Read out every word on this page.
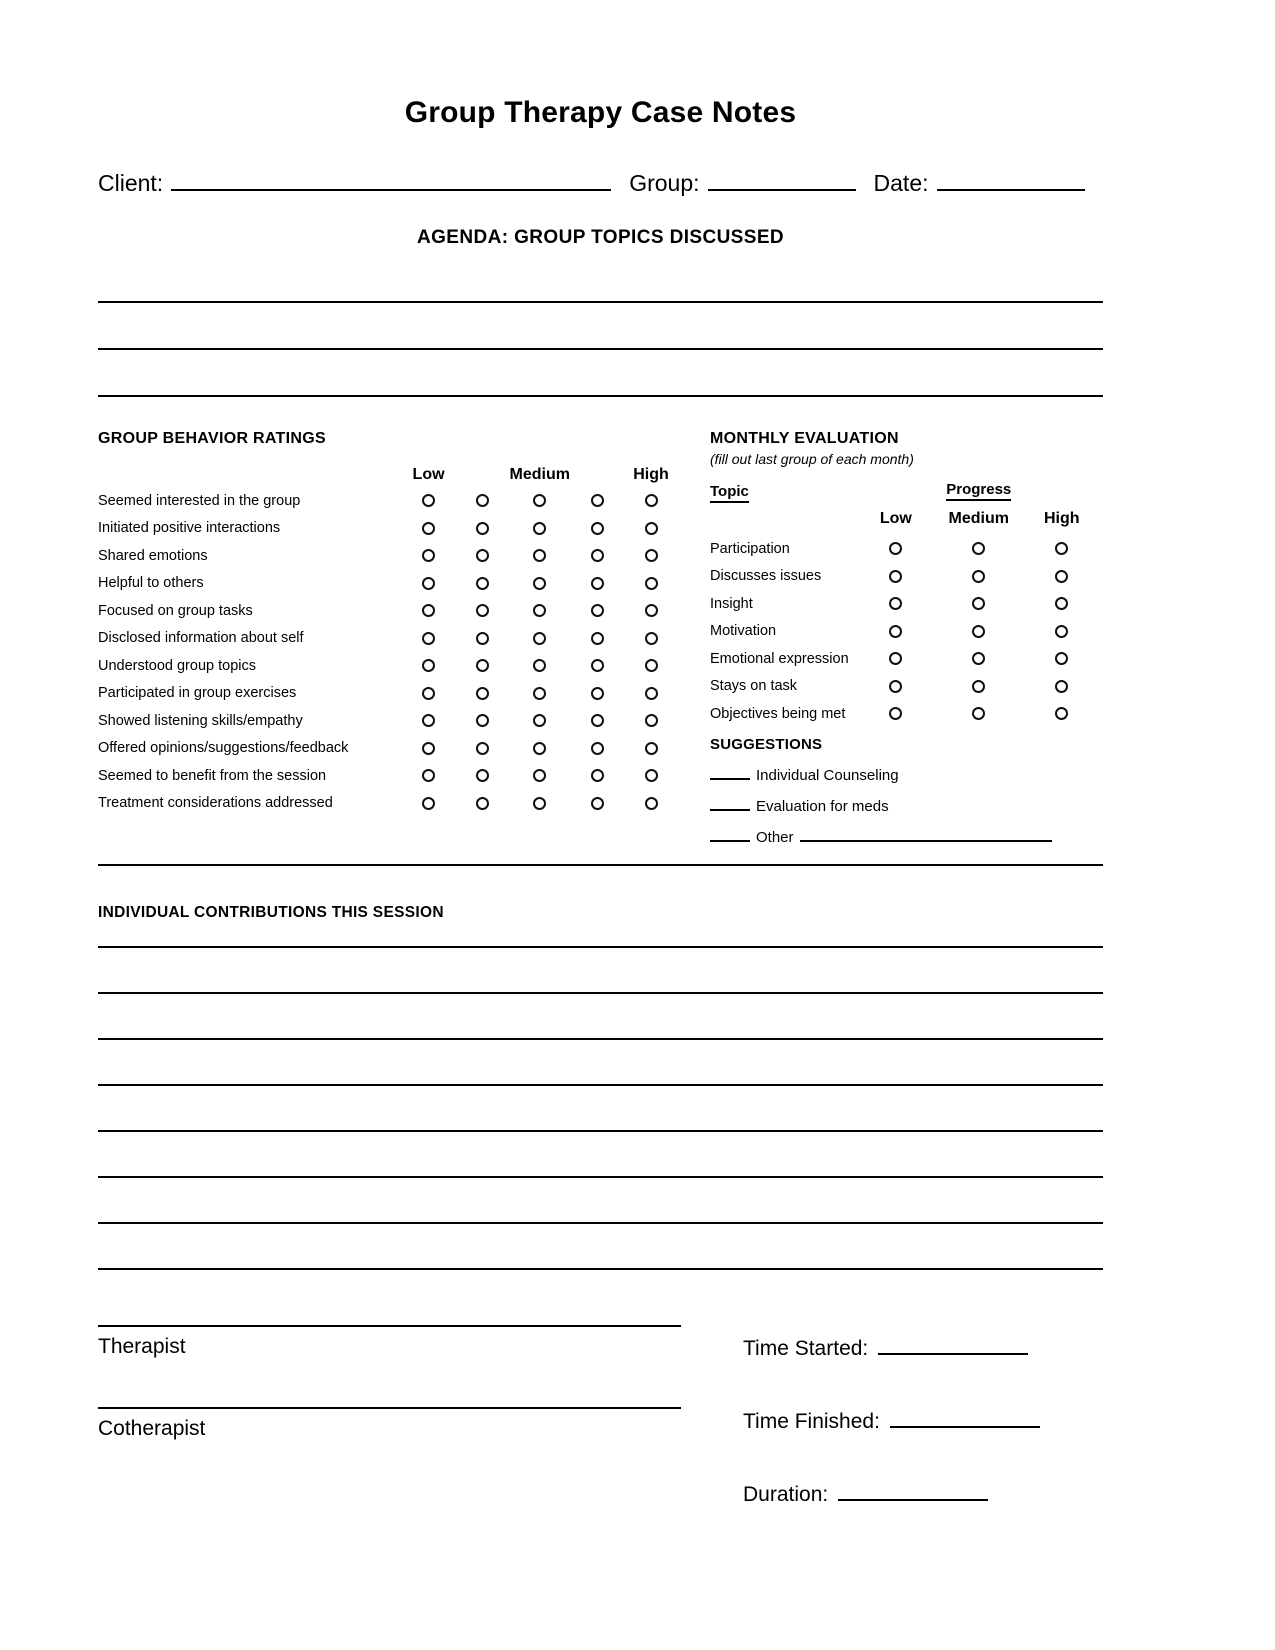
Group Therapy Case Notes
Client:	Group:	Date:
AGENDA: GROUP TOPICS DISCUSSED
GROUP BEHAVIOR RATINGS
	Low		Medium		High
Seemed interested in the group					
Initiated positive interactions					
Shared emotions					
Helpful to others					
Focused on group tasks					
Disclosed information about self					
Understood group topics					
Participated in group exercises					
Showed listening skills/empathy					
Offered opinions/suggestions/feedback					
Seemed to benefit from the session					
Treatment considerations addressed					
MONTHLY EVALUATION
(fill out last group of each month)
Topic		Progress	
	Low	Medium	High
Participation			
Discusses issues			
Insight			
Motivation			
Emotional expression			
Stays on task			
Objectives being met			
SUGGESTIONS
Individual Counseling
Evaluation for meds
Other
INDIVIDUAL CONTRIBUTIONS THIS SESSION
Therapist
Cotherapist
Time Started:
Time Finished:
Duration:
